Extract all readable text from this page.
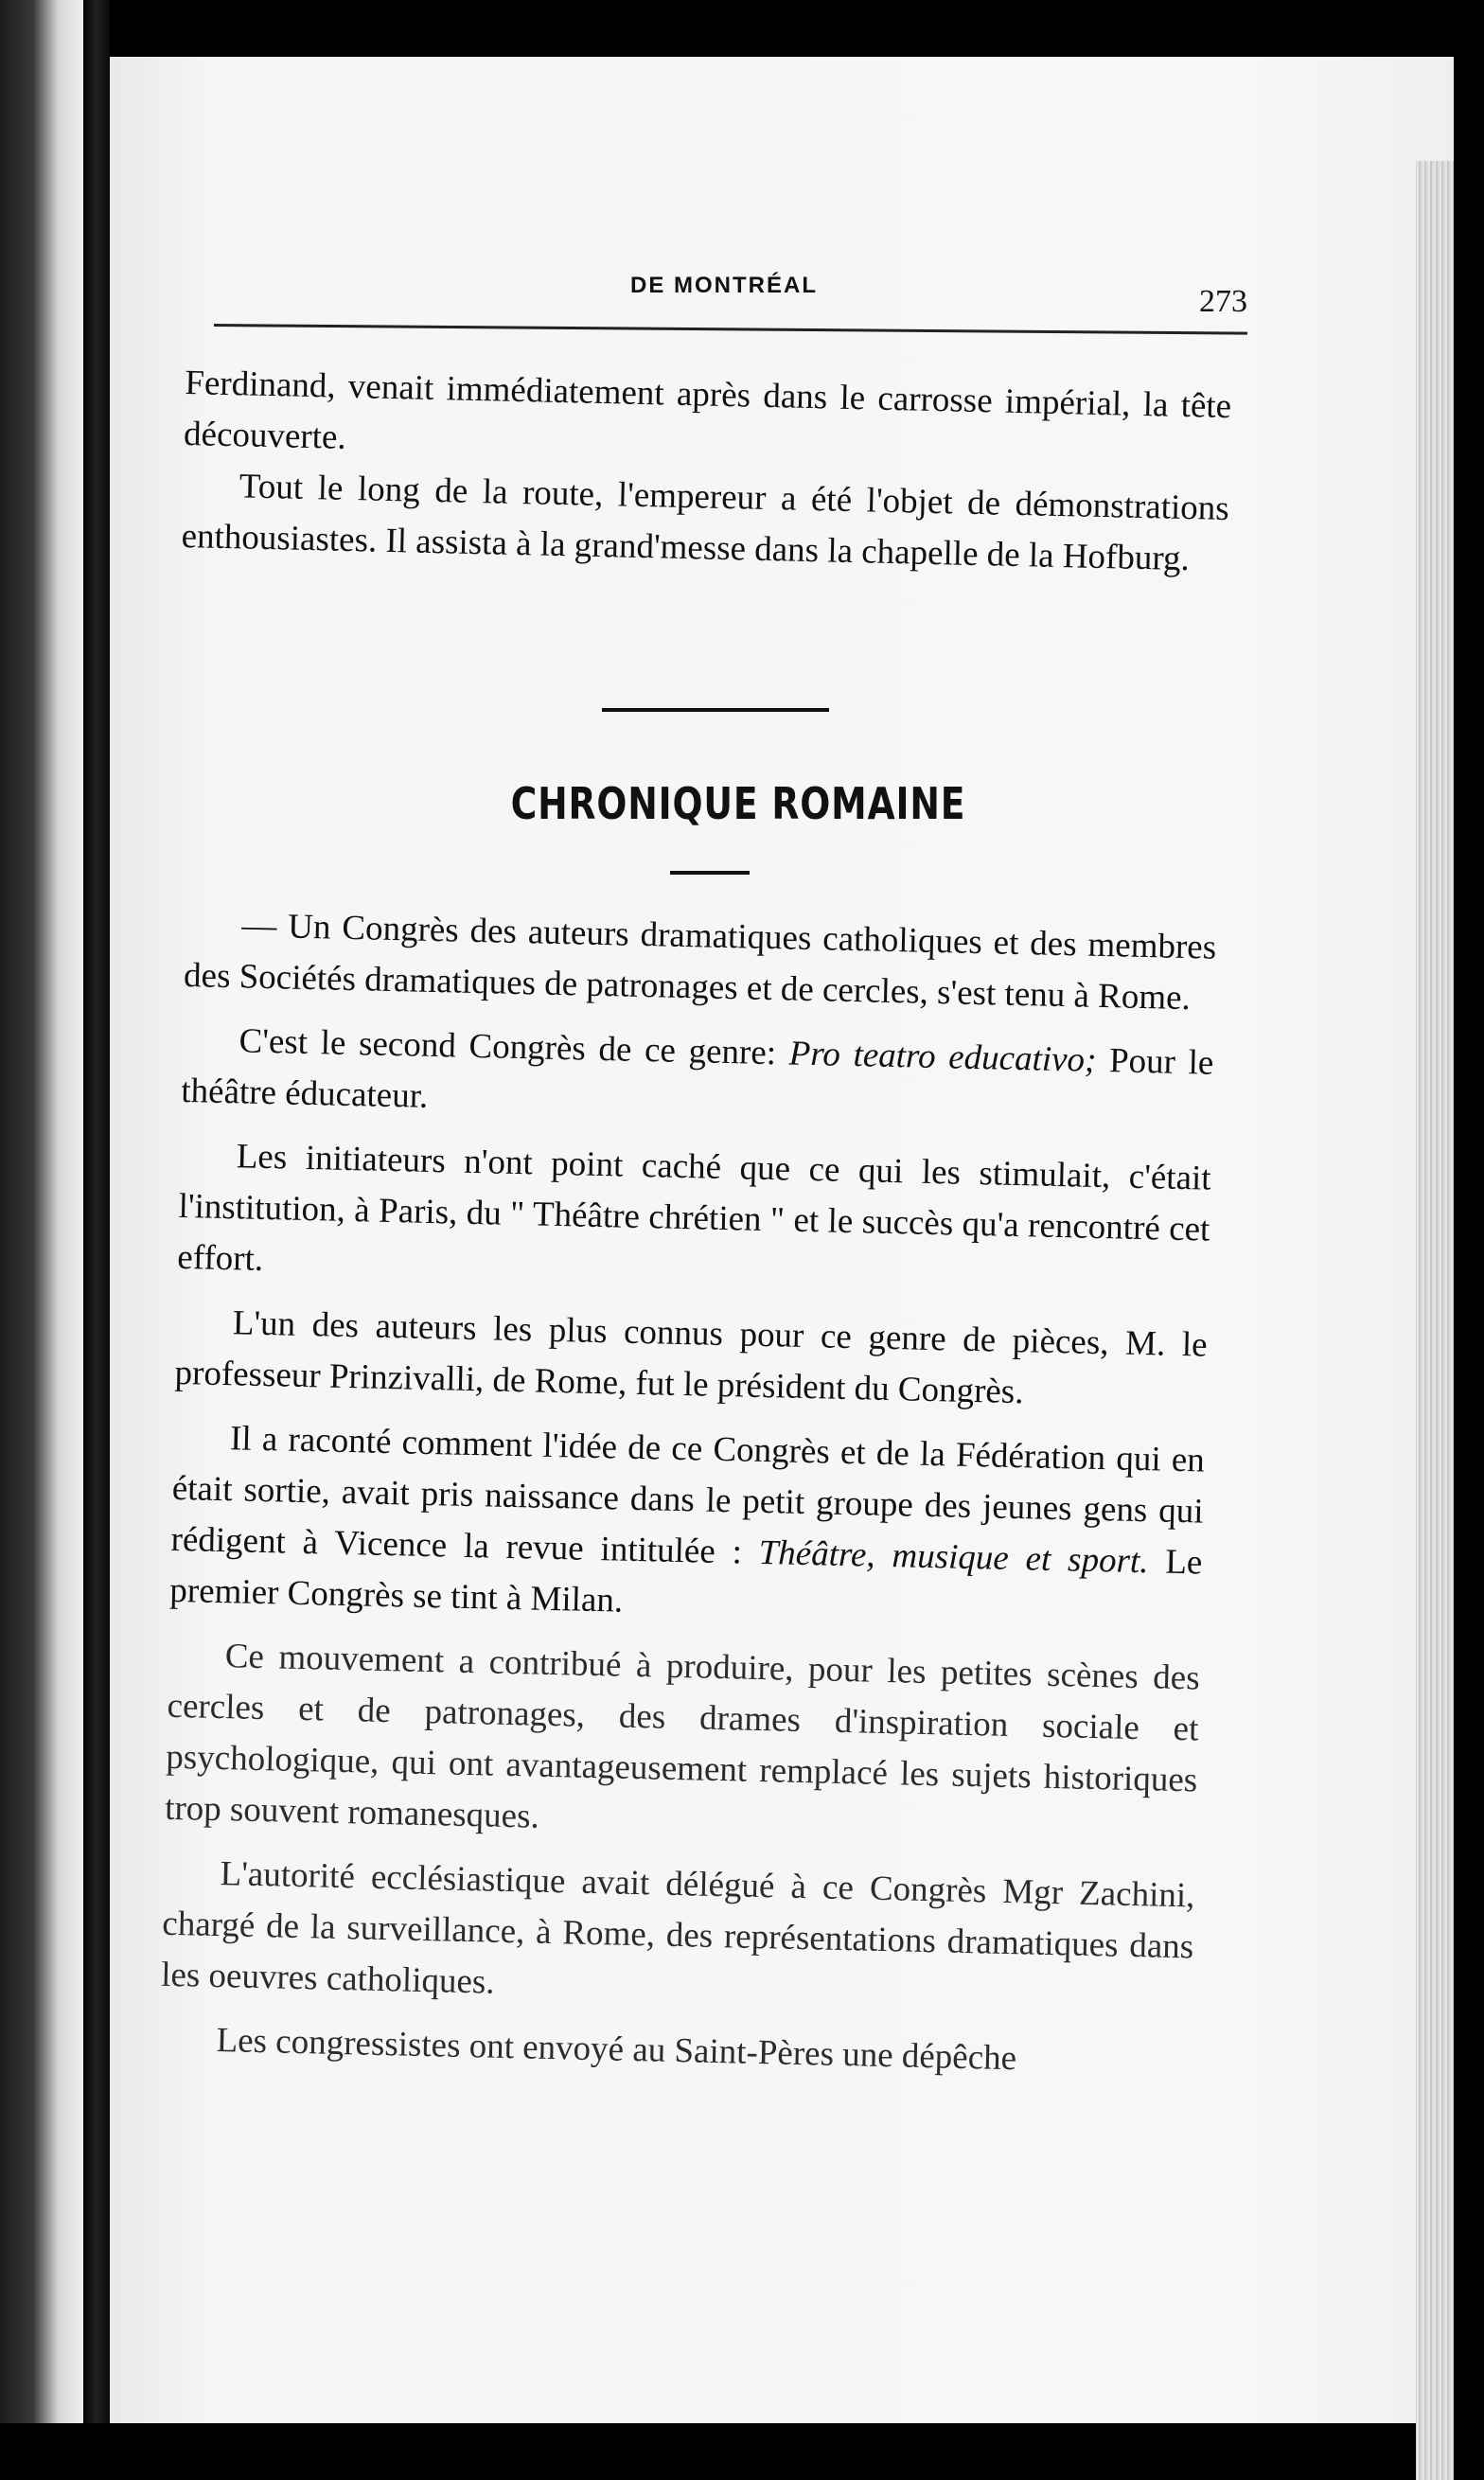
DE MONTRÉAL	273

Ferdinand, venait immédiatement après dans le carrosse impérial, la tête découverte.

Tout le long de la route, l'empereur a été l'objet de démonstrations enthousiastes. Il assista à la grand'messe dans la chapelle de la Hofburg.

CHRONIQUE ROMAINE

— Un Congrès des auteurs dramatiques catholiques et des membres des Sociétés dramatiques de patronages et de cercles, s'est tenu à Rome.

C'est le second Congrès de ce genre: Pro teatro educativo; Pour le théâtre éducateur.

Les initiateurs n'ont point caché que ce qui les stimulait, c'était l'institution, à Paris, du " Théâtre chrétien " et le succès qu'a rencontré cet effort.

L'un des auteurs les plus connus pour ce genre de pièces, M. le professeur Prinzivalli, de Rome, fut le président du Congrès.

Il a raconté comment l'idée de ce Congrès et de la Fédération qui en était sortie, avait pris naissance dans le petit groupe des jeunes gens qui rédigent à Vicence la revue intitulée : Théâtre, musique et sport. Le premier Congrès se tint à Milan.

Ce mouvement a contribué à produire, pour les petites scènes des cercles et de patronages, des drames d'inspiration sociale et psychologique, qui ont avantageusement remplacé les sujets historiques trop souvent romanesques.

L'autorité ecclésiastique avait délégué à ce Congrès Mgr Zachini, chargé de la surveillance, à Rome, des représentations dramatiques dans les oeuvres catholiques.

Les congressistes ont envoyé au Saint-Pères une dépêche
